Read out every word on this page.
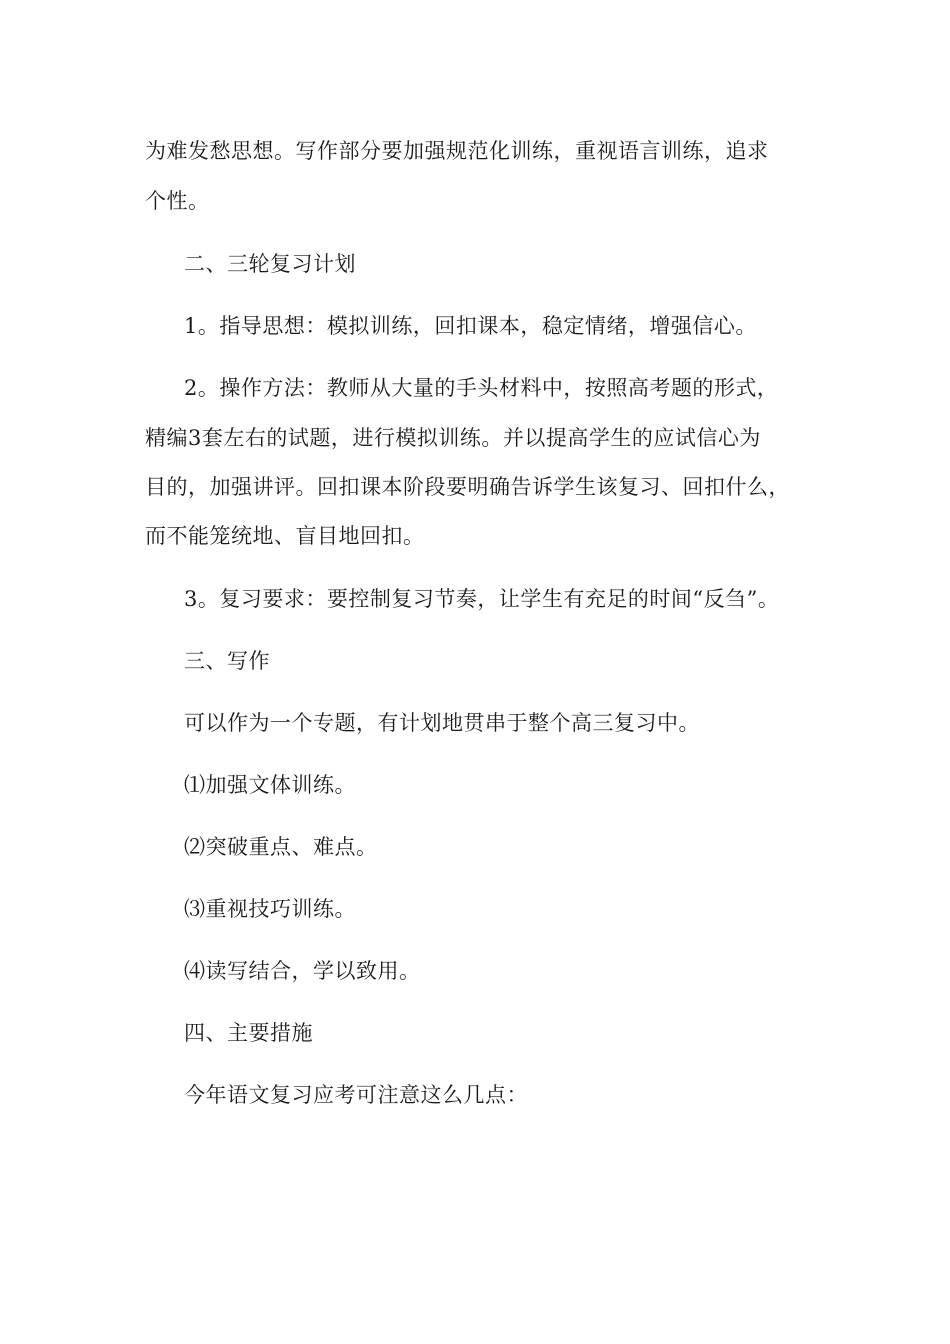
为难发愁思想。写作部分要加强规范化训练，重视语言训练，追求
个性。
二、三轮复习计划
1。指导思想：模拟训练，回扣课本，稳定情绪，增强信心。
2。操作方法：教师从大量的手头材料中，按照高考题的形式，
精编3套左右的试题，进行模拟训练。并以提高学生的应试信心为
目的，加强讲评。回扣课本阶段要明确告诉学生该复习、回扣什么，
而不能笼统地、盲目地回扣。
3。复习要求：要控制复习节奏，让学生有充足的时间“反刍”。
三、写作
可以作为一个专题，有计划地贯串于整个高三复习中。
⑴加强文体训练。
⑵突破重点、难点。
⑶重视技巧训练。
⑷读写结合，学以致用。
四、主要措施
今年语文复习应考可注意这么几点：
